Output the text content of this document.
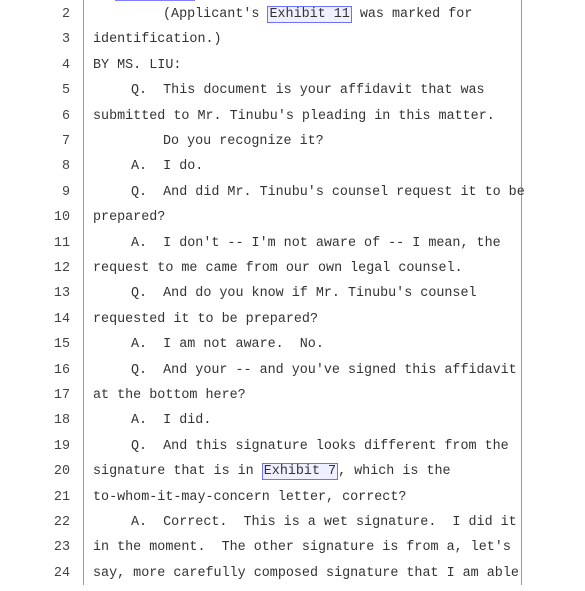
2	(Applicant's Exhibit 11 was marked for
3 identification.)
4 BY MS. LIU:
5	Q.  This document is your affidavit that was
6 submitted to Mr. Tinubu's pleading in this matter.
7	Do you recognize it?
8	A.  I do.
9	Q.  And did Mr. Tinubu's counsel request it to be
10 prepared?
11	A.  I don't -- I'm not aware of -- I mean, the
12 request to me came from our own legal counsel.
13	Q.  And do you know if Mr. Tinubu's counsel
14 requested it to be prepared?
15	A.  I am not aware.  No.
16	Q.  And your -- and you've signed this affidavit
17 at the bottom here?
18	A.  I did.
19	Q.  And this signature looks different from the
20 signature that is in Exhibit 7 , which is the
21 to-whom-it-may-concern letter, correct?
22	A.  Correct.  This is a wet signature.  I did it
23 in the moment.  The other signature is from a, let's
24 say, more carefully composed signature that I am able
